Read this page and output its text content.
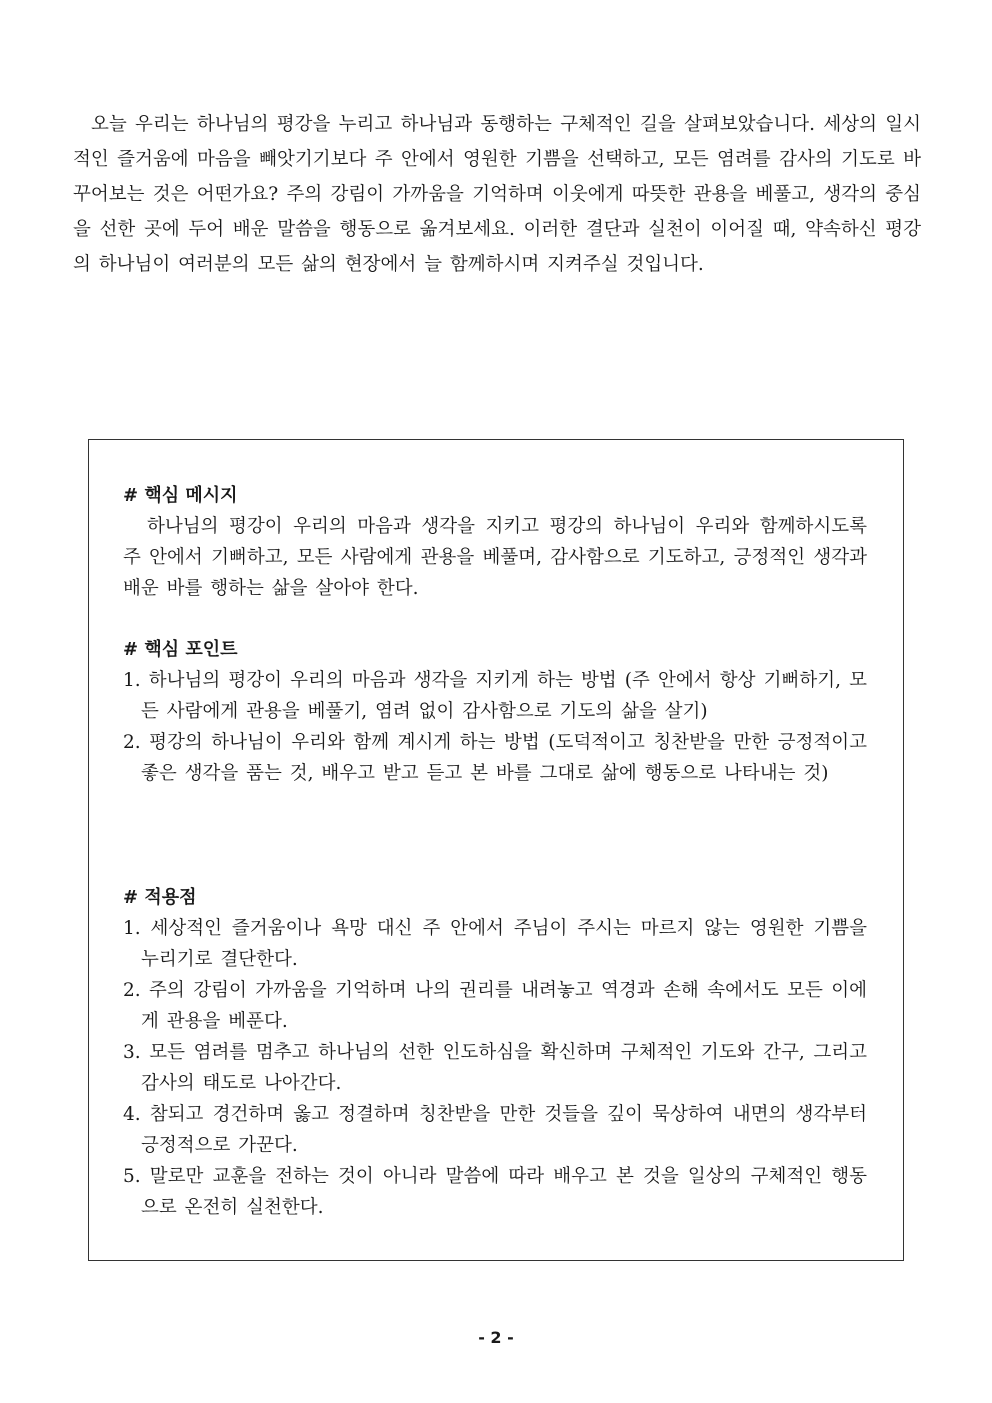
오늘 우리는 하나님의 평강을 누리고 하나님과 동행하는 구체적인 길을 살펴보았습니다. 세상의 일시적인 즐거움에 마음을 빼앗기기보다 주 안에서 영원한 기쁨을 선택하고, 모든 염려를 감사의 기도로 바꾸어보는 것은 어떤가요? 주의 강림이 가까움을 기억하며 이웃에게 따뜻한 관용을 베풀고, 생각의 중심을 선한 곳에 두어 배운 말씀을 행동으로 옮겨보세요. 이러한 결단과 실천이 이어질 때, 약속하신 평강의 하나님이 여러분의 모든 삶의 현장에서 늘 함께하시며 지켜주실 것입니다.

# 핵심 메시지

하나님의 평강이 우리의 마음과 생각을 지키고 평강의 하나님이 우리와 함께하시도록 주 안에서 기뻐하고, 모든 사람에게 관용을 베풀며, 감사함으로 기도하고, 긍정적인 생각과 배운 바를 행하는 삶을 살아야 한다.

# 핵심 포인트
1. 하나님의 평강이 우리의 마음과 생각을 지키게 하는 방법 (주 안에서 항상 기뻐하기, 모든 사람에게 관용을 베풀기, 염려 없이 감사함으로 기도의 삶을 살기)
2. 평강의 하나님이 우리와 함께 계시게 하는 방법 (도덕적이고 칭찬받을 만한 긍정적이고 좋은 생각을 품는 것, 배우고 받고 듣고 본 바를 그대로 삶에 행동으로 나타내는 것)
# 적용점
1. 세상적인 즐거움이나 욕망 대신 주 안에서 주님이 주시는 마르지 않는 영원한 기쁨을 누리기로 결단한다.
2. 주의 강림이 가까움을 기억하며 나의 권리를 내려놓고 역경과 손해 속에서도 모든 이에게 관용을 베푼다.
3. 모든 염려를 멈추고 하나님의 선한 인도하심을 확신하며 구체적인 기도와 간구, 그리고 감사의 태도로 나아간다.
4. 참되고 경건하며 옳고 정결하며 칭찬받을 만한 것들을 깊이 묵상하여 내면의 생각부터 긍정적으로 가꾼다.
5. 말로만 교훈을 전하는 것이 아니라 말씀에 따라 배우고 본 것을 일상의 구체적인 행동으로 온전히 실천한다.
- 2 -
